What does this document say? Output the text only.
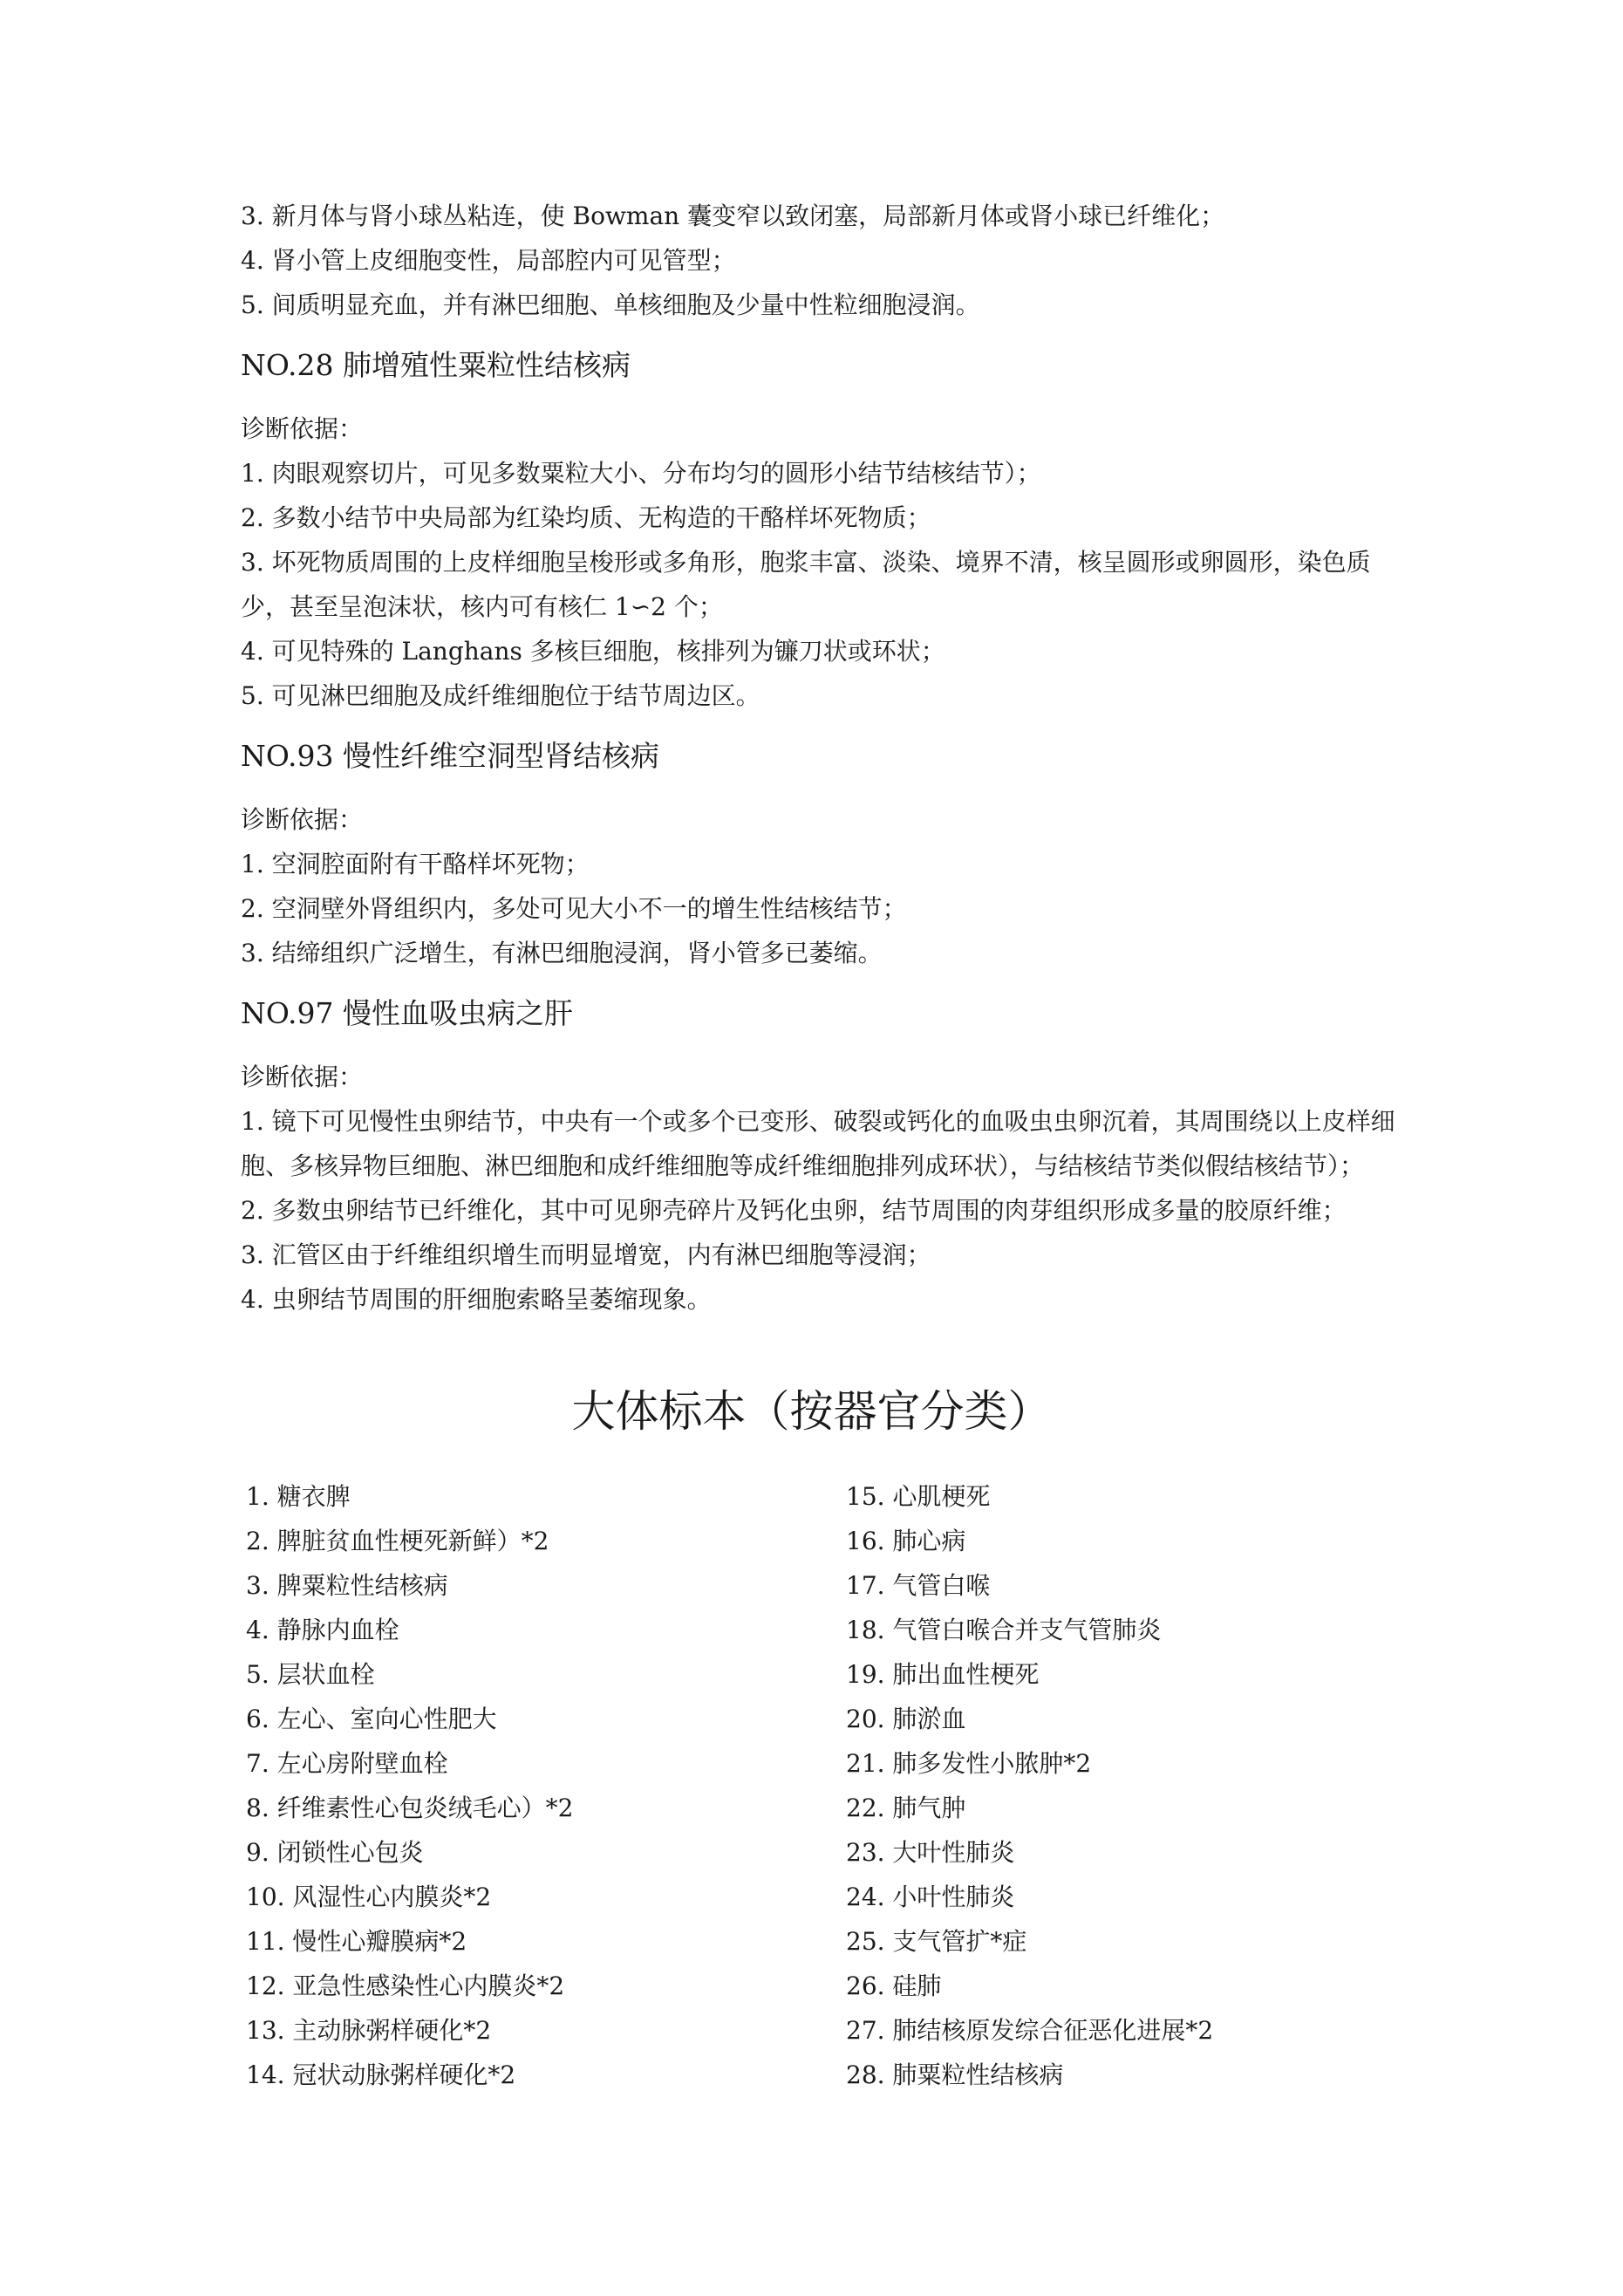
3. 新月体与肾小球丛粘连，使 Bowman 囊变窄以致闭塞，局部新月体或肾小球已纤维化；
4. 肾小管上皮细胞变性，局部腔内可见管型；
5. 间质明显充血，并有淋巴细胞、单核细胞及少量中性粒细胞浸润。
NO.28 肺增殖性粟粒性结核病
诊断依据：
1. 肉眼观察切片，可见多数粟粒大小、分布均匀的圆形小结节结核结节）；
2. 多数小结节中央局部为红染均质、无构造的干酪样坏死物质；
3. 坏死物质周围的上皮样细胞呈梭形或多角形，胞浆丰富、淡染、境界不清，核呈圆形或卵圆形，染色质少，甚至呈泡沫状，核内可有核仁 1∽2 个；
4. 可见特殊的 Langhans 多核巨细胞，核排列为镰刀状或环状；
5. 可见淋巴细胞及成纤维细胞位于结节周边区。
NO.93 慢性纤维空洞型肾结核病
诊断依据：
1. 空洞腔面附有干酪样坏死物；
2. 空洞壁外肾组织内，多处可见大小不一的增生性结核结节；
3. 结缔组织广泛增生，有淋巴细胞浸润，肾小管多已萎缩。
NO.97 慢性血吸虫病之肝
诊断依据：
1. 镜下可见慢性虫卵结节，中央有一个或多个已变形、破裂或钙化的血吸虫虫卵沉着，其周围绕以上皮样细胞、多核异物巨细胞、淋巴细胞和成纤维细胞等成纤维细胞排列成环状），与结核结节类似假结核结节）；
2. 多数虫卵结节已纤维化，其中可见卵壳碎片及钙化虫卵，结节周围的肉芽组织形成多量的胶原纤维；
3. 汇管区由于纤维组织增生而明显增宽，内有淋巴细胞等浸润；
4. 虫卵结节周围的肝细胞索略呈萎缩现象。
大体标本（按器官分类）
1. 糖衣脾
2. 脾脏贫血性梗死新鲜）*2
3. 脾粟粒性结核病
4. 静脉内血栓
5. 层状血栓
6. 左心、室向心性肥大
7. 左心房附壁血栓
8. 纤维素性心包炎绒毛心）*2
9. 闭锁性心包炎
10. 风湿性心内膜炎*2
11. 慢性心瓣膜病*2
12. 亚急性感染性心内膜炎*2
13. 主动脉粥样硬化*2
14. 冠状动脉粥样硬化*2
15. 心肌梗死
16. 肺心病
17. 气管白喉
18. 气管白喉合并支气管肺炎
19. 肺出血性梗死
20. 肺淤血
21. 肺多发性小脓肿*2
22. 肺气肿
23. 大叶性肺炎
24. 小叶性肺炎
25. 支气管扩*症
26. 硅肺
27. 肺结核原发综合征恶化进展*2
28. 肺粟粒性结核病
